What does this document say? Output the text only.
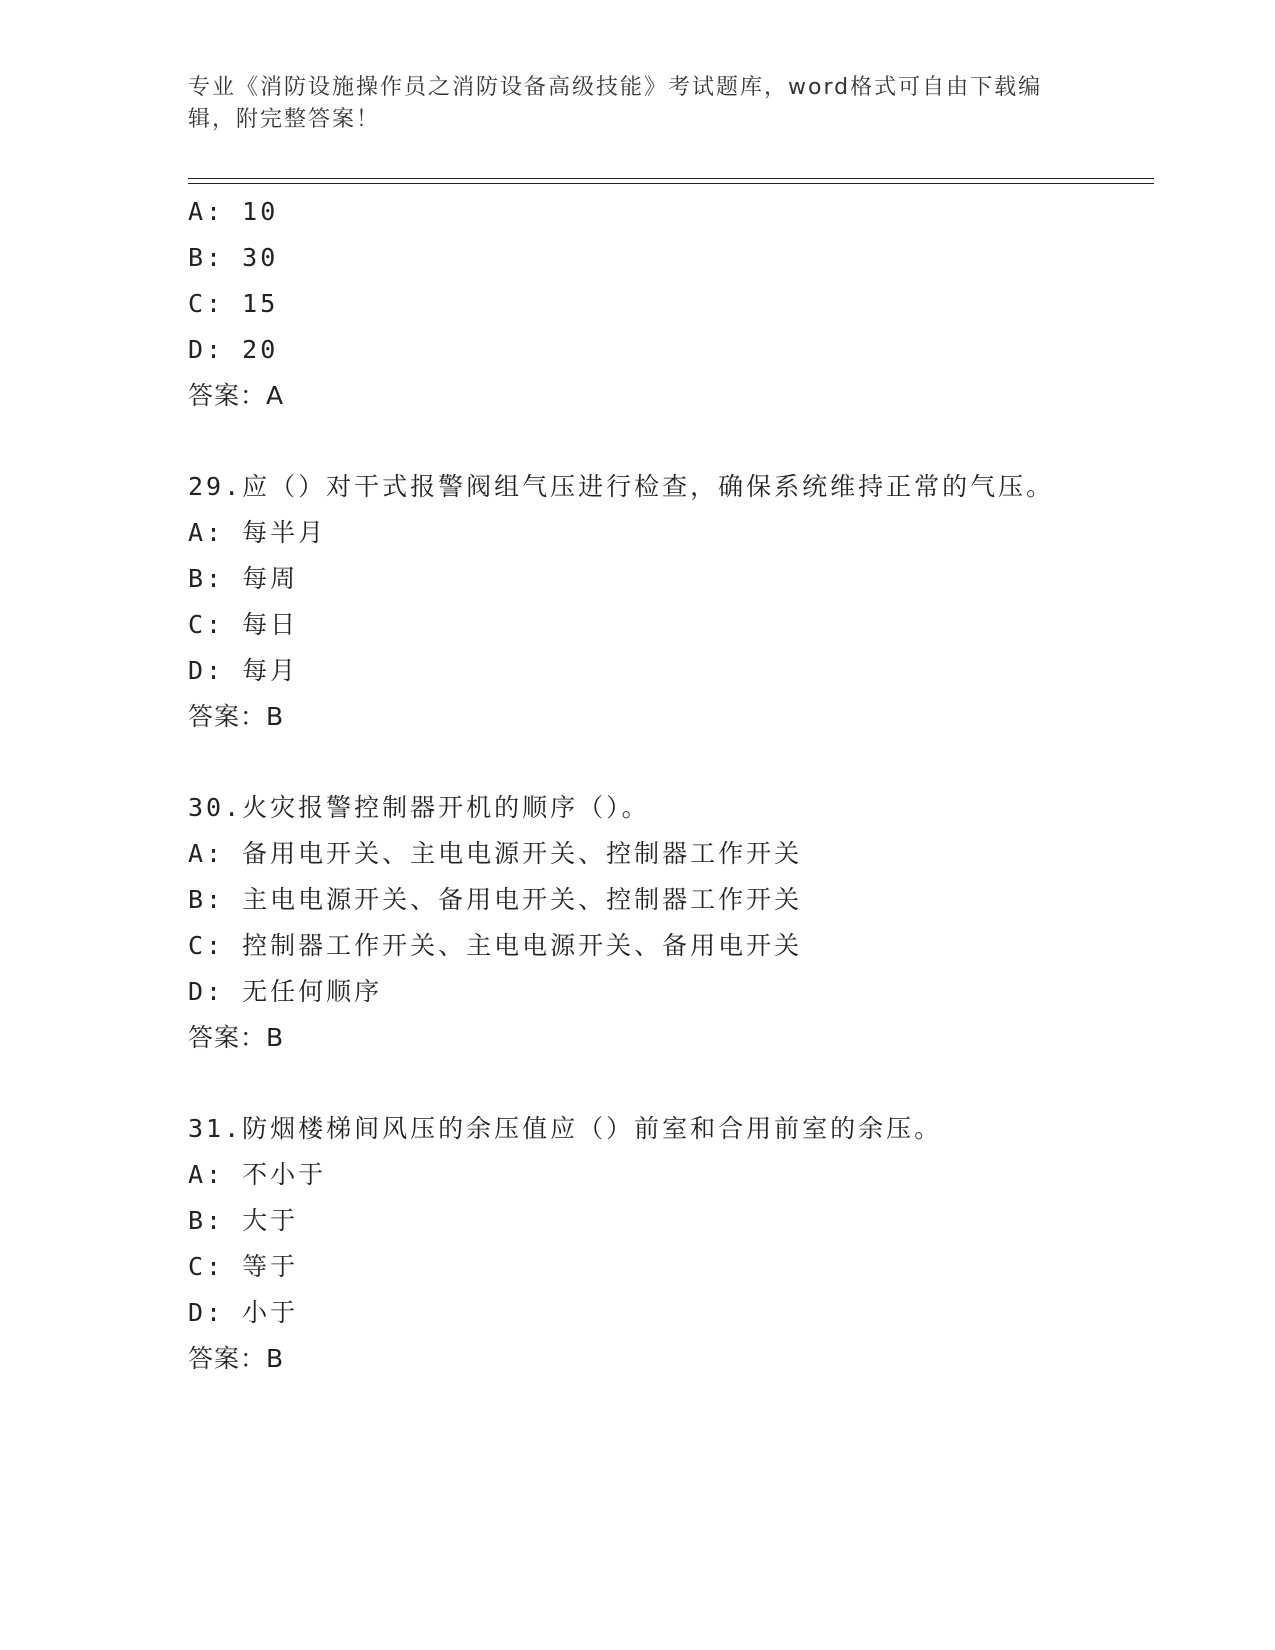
专业《消防设施操作员之消防设备高级技能》考试题库，word格式可自由下载编辑，附完整答案！
A: 10
B: 30
C: 15
D: 20
答案：A
29.应（）对干式报警阀组气压进行检查，确保系统维持正常的气压。
A: 每半月
B: 每周
C: 每日
D: 每月
答案：B
30.火灾报警控制器开机的顺序（）。
A: 备用电开关、主电电源开关、控制器工作开关
B: 主电电源开关、备用电开关、控制器工作开关
C: 控制器工作开关、主电电源开关、备用电开关
D: 无任何顺序
答案：B
31.防烟楼梯间风压的余压值应（）前室和合用前室的余压。
A: 不小于
B: 大于
C: 等于
D: 小于
答案：B
